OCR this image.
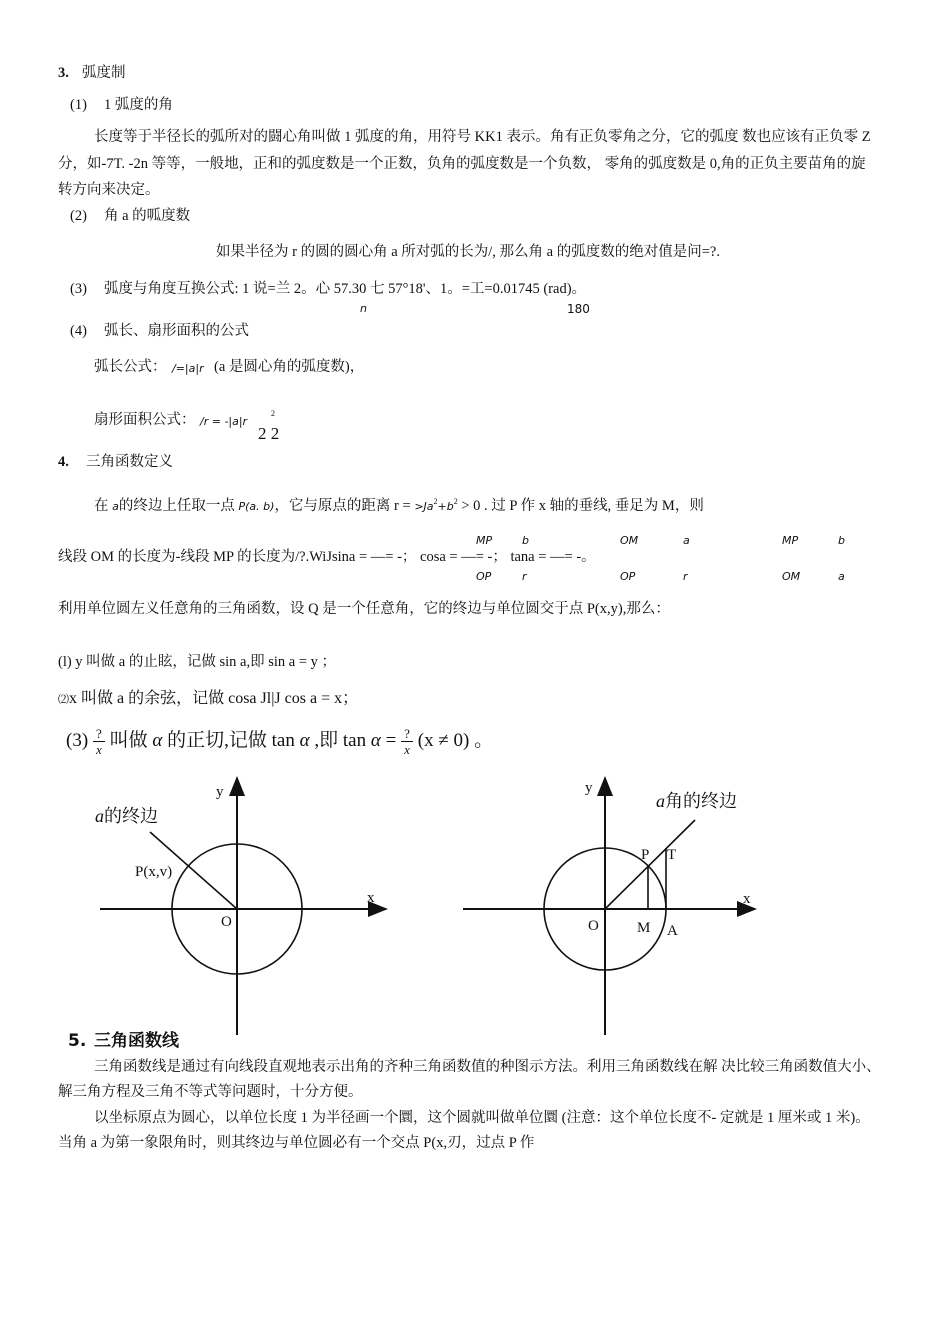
3. 弧度制
(1) 1 弧度的角
长度等于半径长的弧所对的闘心角叫做 1 弧度的角，用符号 KK1 表示。角有正负零角之分，它的弧度 数也应该有正负零 Z
分，如-7T. -2n 等等，一般地，正和的弧度数是一个正数，负角的弧度数是一个负数， 零角的弧度数是 0,角的正负主要苗角的旋
转方向来决定。
(2) 角 a 的呱度数
如果半径为 r 的圆的圆心角 a 所对弧的长为/, 那么角 a 的弧度数的绝对值是问=?.
(3) 弧度与角度互换公式: 1 说=兰 2。心 57.30 七 57°18'、1。=工=0.01745 (rad)。
n	180
(4) 弧长、扇形面积的公式
弧长公式： /=|a|r (a 是圆心角的弧度数)，
扇形面积公式： /r = -|a|r
2
2 2
4. 三角函数定义
在 a的终边上任取一点 P(a. b)，它与原点的距离 $r = >Ja^2+b^2 > 0$ . 过 P 作 x 轴的垂线, 垂足为 M，则
MP	b	OM	a	MP	b
线段 OM 的长度为-线段 MP 的长度为/?.WiJsina = —= -； cosa = —= -； tana = —= -。
OP	r	OP	r	OM	a
利用单位圆左义任意角的三角函数，设 Q 是一个任意角，它的终边与单位圆交于点 P(x,y),那么：
(l) y 叫做 a 的止眩，记做 sin a,即 sin a = y ；
⑵x 叫做 a 的余弦，记做 cosa Jl|J cos a = x；
(3) ?
x 叫做 α 的正切,记做 tan α ,即 tan α = ?
x (x ≠ 0) 。
y
x
O
P(x,v)
a的终边
y
x
O
a角的终边
P T
M A
5. 三角函数线
三角函数线是通过有向线段直观地表示出角的齐种三角函数值的种图示方法。利用三角函数线在解 决比较三角函数值大小、
解三角方程及三角不等式等问题时，十分方便。
以坐标原点为圆心，以单位长度 1 为半径画一个圜，这个圆就叫做单位圜 (注意：这个单位长度不- 定就是 1 厘米或 1 米)。
当角 a 为第一象限角时，则其终边与单位圆必有一个交点 P(x,刃，过点 P 作
